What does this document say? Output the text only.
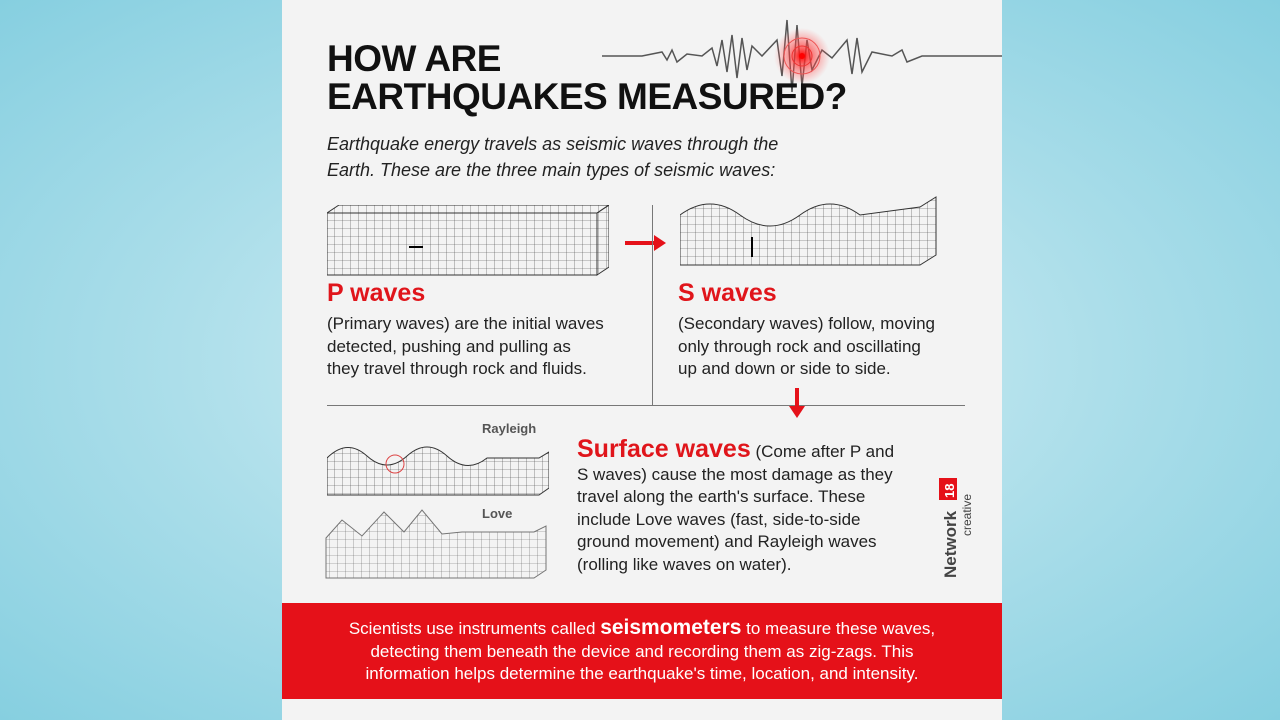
HOW ARE
EARTHQUAKES MEASURED?
Earthquake energy travels as seismic waves through the
Earth. These are the three main types of seismic waves:
P waves
(Primary waves) are the initial waves
detected, pushing and pulling as
they travel through rock and fluids.
S waves
(Secondary waves) follow, moving
only through rock and oscillating
up and down or side to side.
Rayleigh
Love
Surface waves (Come after P and
S waves) cause the most damage as they
travel along the earth's surface. These
include Love waves (fast, side-to-side
ground movement) and Rayleigh waves
(rolling like waves on water).	Network
18
creative
Scientists use instruments called seismometers to measure these waves,
detecting them beneath the device and recording them as zig-zags. This
information helps determine the earthquake's time, location, and intensity.
